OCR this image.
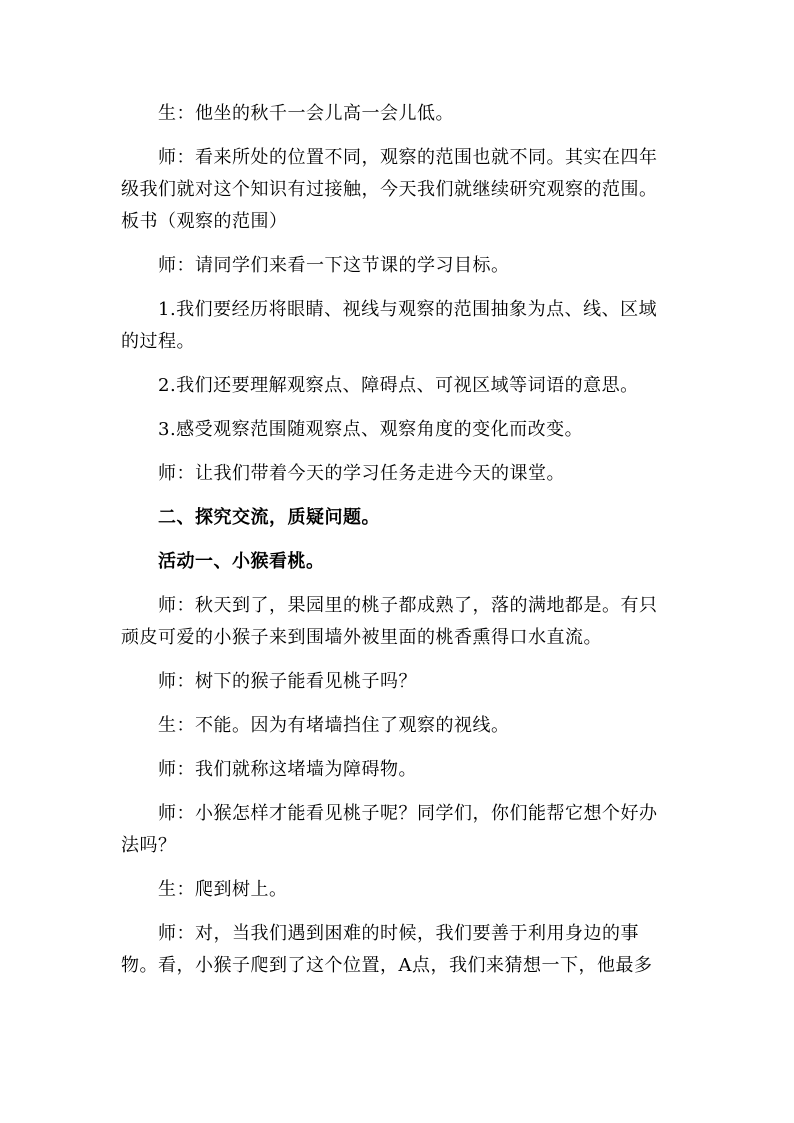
生：他坐的秋千一会儿高一会儿低。

师：看来所处的位置不同，观察的范围也就不同。其实在四年级我们就对这个知识有过接触，今天我们就继续研究观察的范围。

板书（观察的范围）

师：请同学们来看一下这节课的学习目标。

1.我们要经历将眼睛、视线与观察的范围抽象为点、线、区域的过程。

2.我们还要理解观察点、障碍点、可视区域等词语的意思。

3.感受观察范围随观察点、观察角度的变化而改变。

师：让我们带着今天的学习任务走进今天的课堂。

二、探究交流，质疑问题。

活动一、小猴看桃。

师：秋天到了，果园里的桃子都成熟了，落的满地都是。有只顽皮可爱的小猴子来到围墙外被里面的桃香熏得口水直流。

师：树下的猴子能看见桃子吗？

生：不能。因为有堵墙挡住了观察的视线。

师：我们就称这堵墙为障碍物。

师：小猴怎样才能看见桃子呢？同学们，你们能帮它想个好办法吗？

生：爬到树上。

师：对，当我们遇到困难的时候，我们要善于利用身边的事物。看，小猴子爬到了这个位置，A点，我们来猜想一下，他最多
